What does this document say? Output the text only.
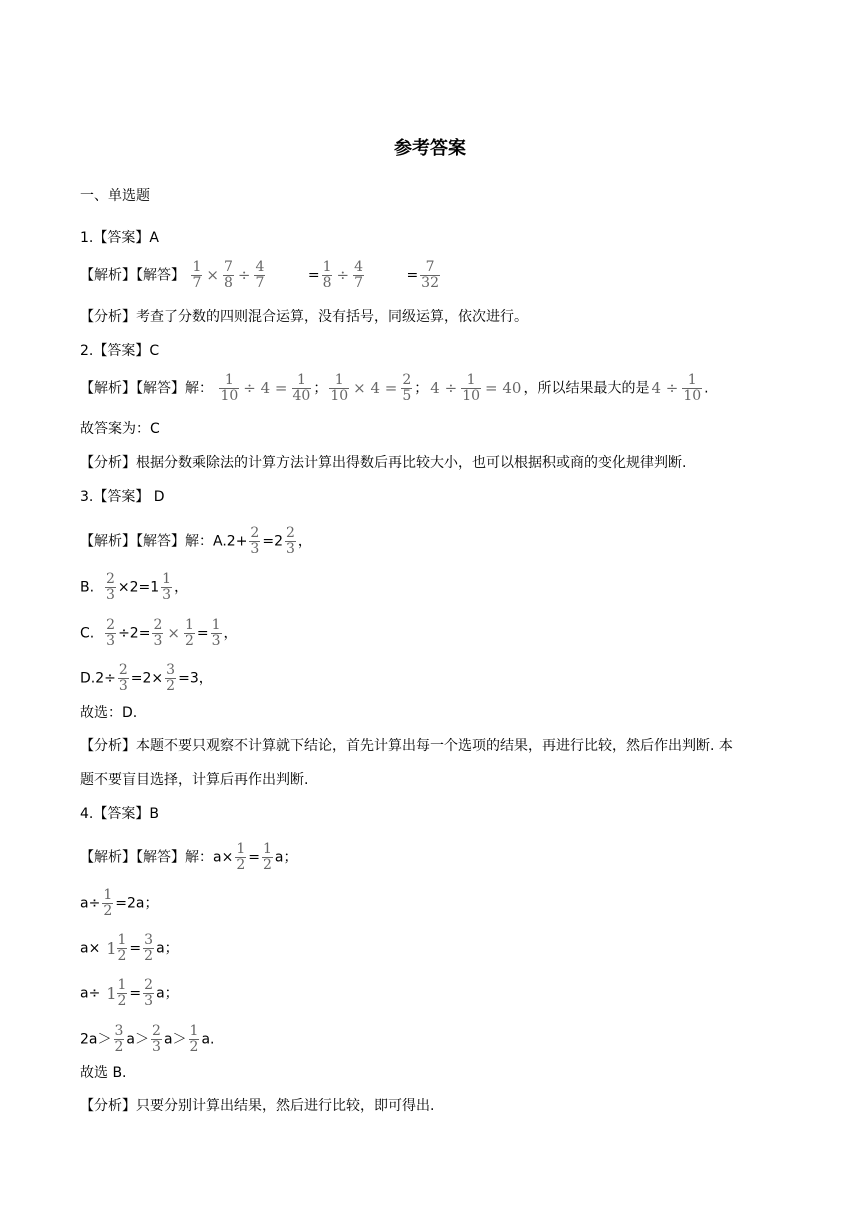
参考答案
一、单选题
1.【答案】A
【解析】【解答】 $\frac{1}{7} \times \frac{7}{8} \div \frac{4}{7}$	= $\frac{1}{8} \div \frac{4}{7}$	= $\frac{7}{32}$
【分析】考查了分数的四则混合运算，没有括号，同级运算，依次进行。
2.【答案】C
【解析】【解答】解： $\frac{1}{10} \div 4 = \frac{1}{40}$ ； $\frac{1}{10} \times 4 = \frac{2}{5}$ ； $4 \div \frac{1}{10} = 40$ ，所以结果最大的是 $4 \div \frac{1}{10}$ .
故答案为：C
【分析】根据分数乘除法的计算方法计算出得数后再比较大小，也可以根据积或商的变化规律判断.
3.【答案】 D
【解析】【解答】解：$A.2+ \frac{2}{3} =2 \frac{2}{3}$ ，
B. $\frac{2}{3} \times 2=1 \frac{1}{3}$ ，
C. $\frac{2}{3} \div 2= \frac{2}{3} \times \frac{1}{2} = \frac{1}{3}$ ，
$D.2\div \frac{2}{3} =2\times \frac{3}{2} =3$，
故选：D.
【分析】本题不要只观察不计算就下结论，首先计算出每一个选项的结果，再进行比较，然后作出判断. 本
题不要盲目选择，计算后再作出判断.
4.【答案】B
【解析】【解答】解：$a\times \frac{1}{2} = \frac{1}{2}$ a；
$a\div \frac{1}{2} =2a$；
$a\times 1 \frac{1}{2} = \frac{3}{2}$ a；
$a\div 1 \frac{1}{2} = \frac{2}{3}$ a；
$2a> \frac{3}{2} a> \frac{2}{3} a> \frac{1}{2} a$.
故选 B.
【分析】只要分别计算出结果，然后进行比较，即可得出.
